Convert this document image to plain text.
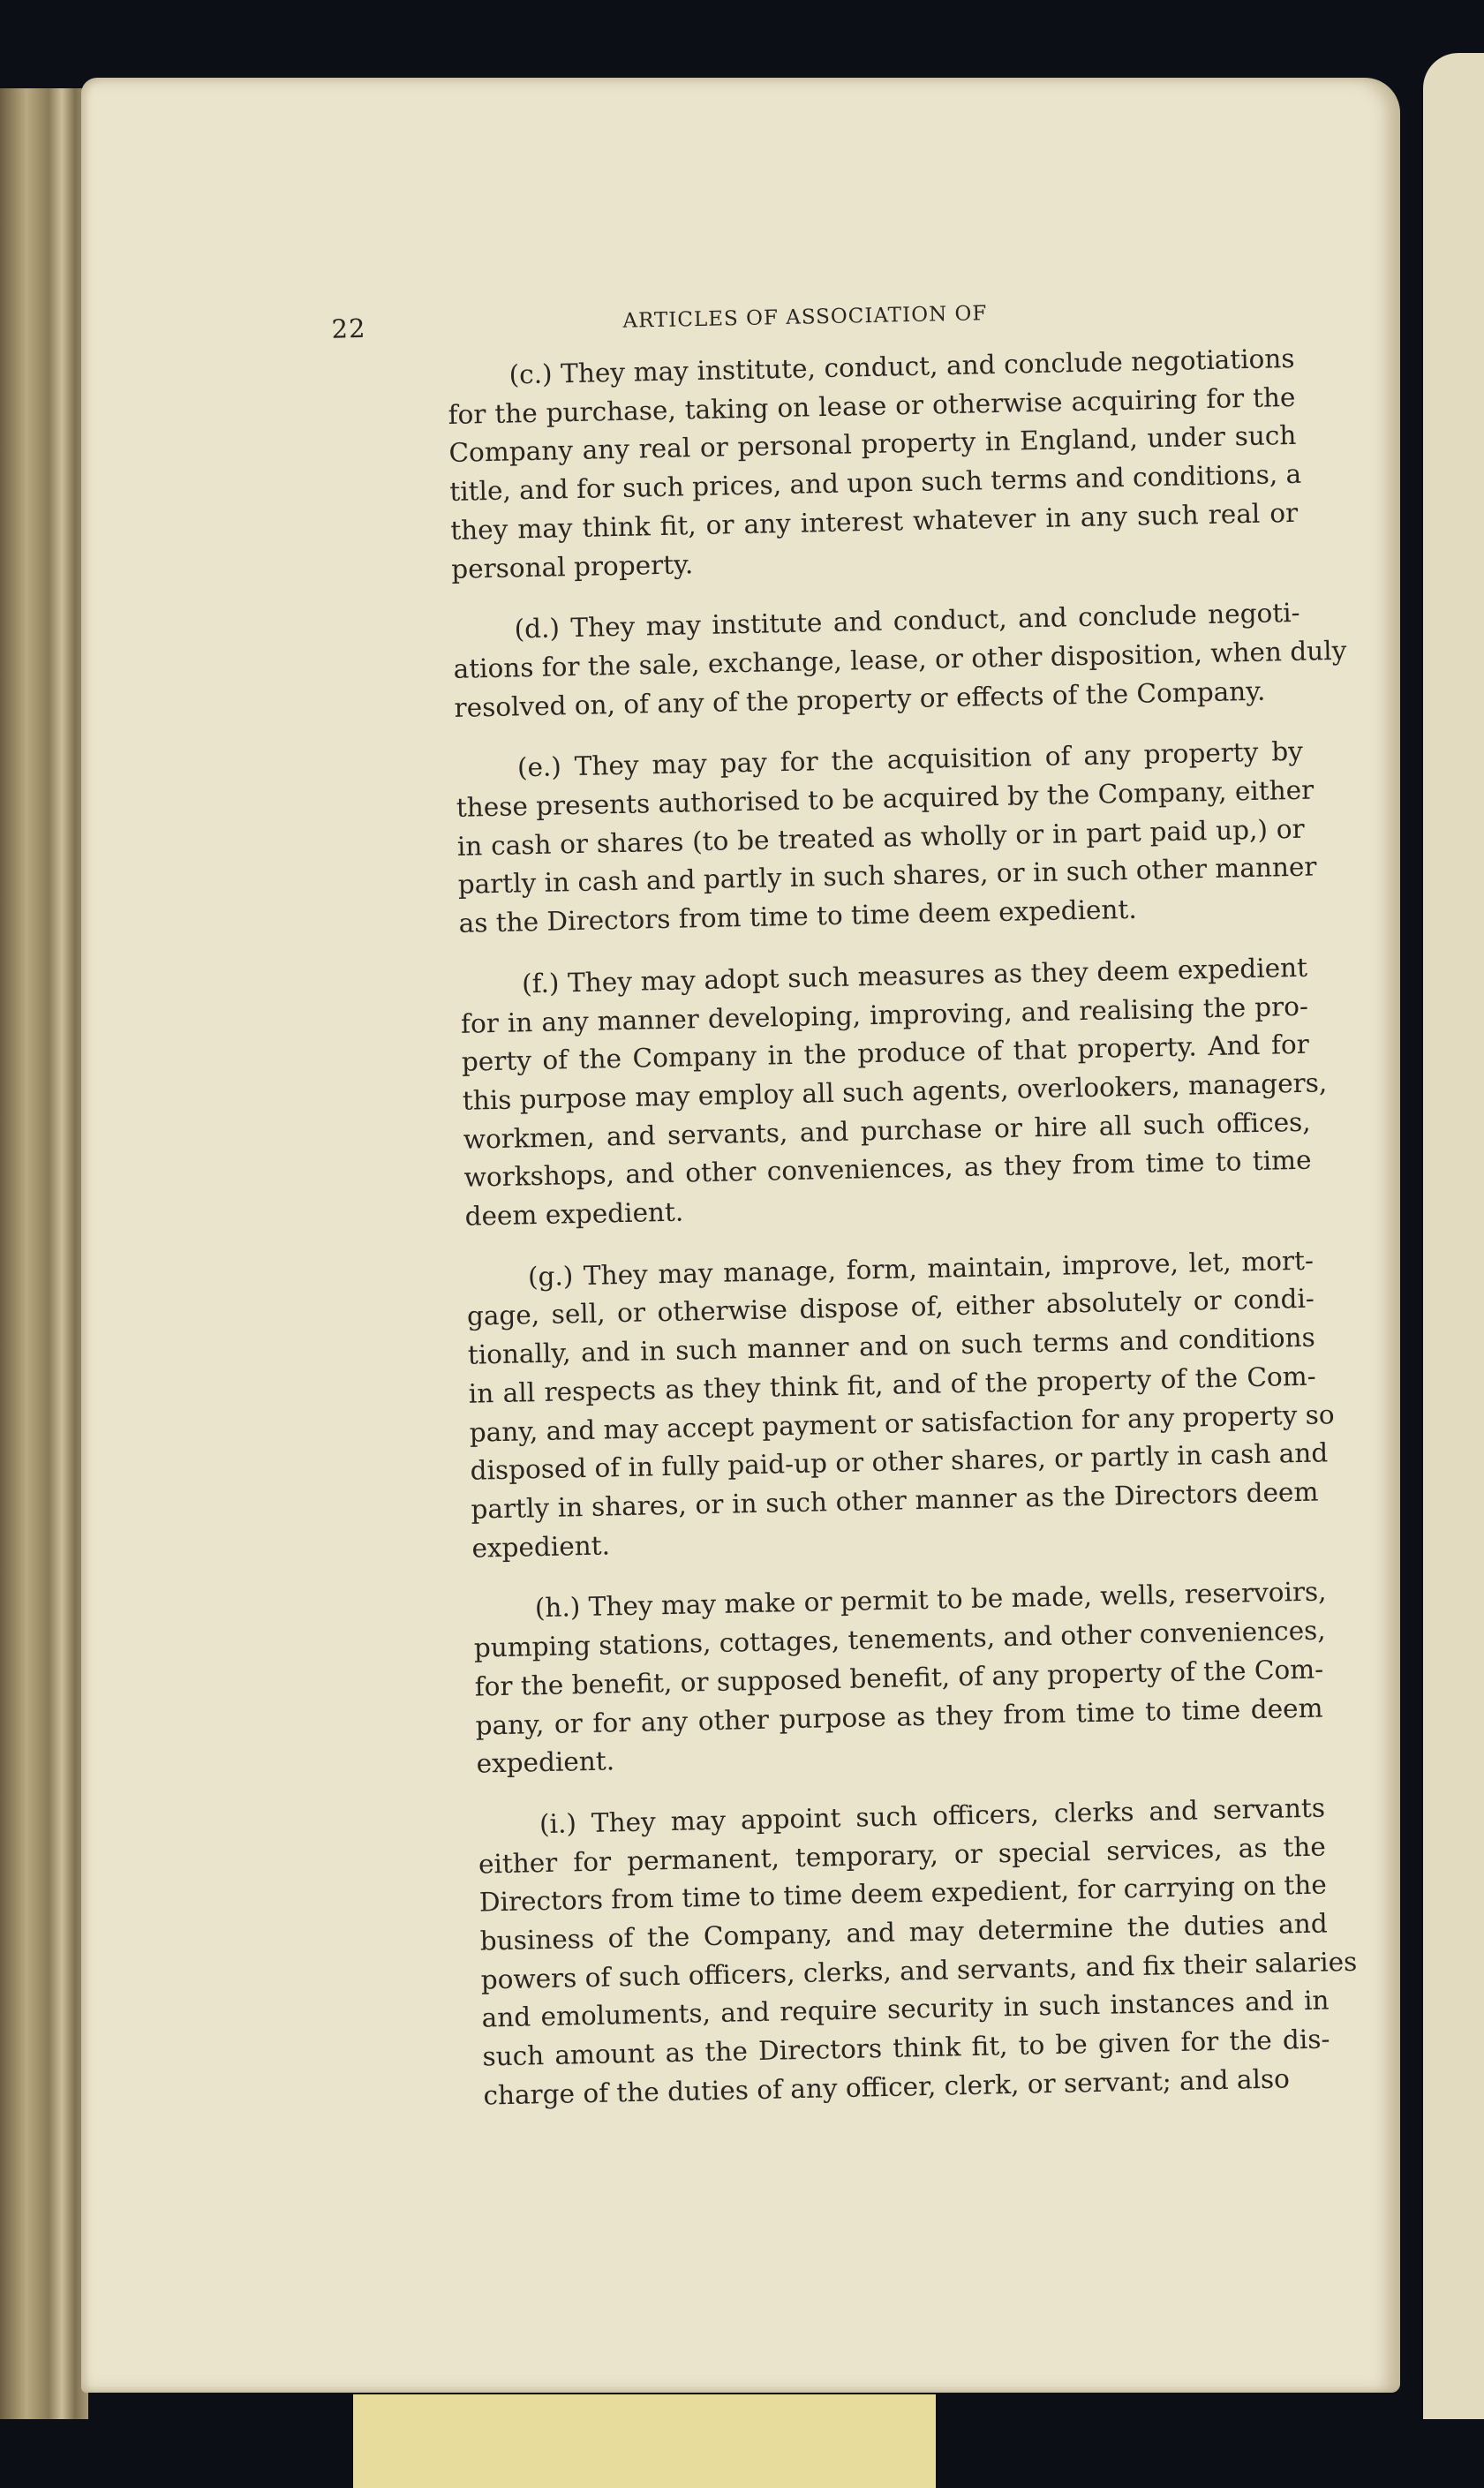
22	ARTICLES OF ASSOCIATION OF
(c.) They may institute, conduct, and conclude negotiations
for the purchase, taking on lease or otherwise acquiring for the
Company any real or personal property in England, under such
title, and for such prices, and upon such terms and conditions, a
they may think fit, or any interest whatever in any such real or
personal property.
(d.) They may institute and conduct, and conclude negoti-
ations for the sale, exchange, lease, or other disposition, when duly
resolved on, of any of the property or effects of the Company.
(e.) They may pay for the acquisition of any property by
these presents authorised to be acquired by the Company, either
in cash or shares (to be treated as wholly or in part paid up,) or
partly in cash and partly in such shares, or in such other manner
as the Directors from time to time deem expedient.
(f.) They may adopt such measures as they deem expedient
for in any manner developing, improving, and realising the pro-
perty of the Company in the produce of that property. And for
this purpose may employ all such agents, overlookers, managers,
workmen, and servants, and purchase or hire all such offices,
workshops, and other conveniences, as they from time to time
deem expedient.
(g.) They may manage, form, maintain, improve, let, mort-
gage, sell, or otherwise dispose of, either absolutely or condi-
tionally, and in such manner and on such terms and conditions
in all respects as they think fit, and of the property of the Com-
pany, and may accept payment or satisfaction for any property so
disposed of in fully paid-up or other shares, or partly in cash and
partly in shares, or in such other manner as the Directors deem
expedient.
(h.) They may make or permit to be made, wells, reservoirs,
pumping stations, cottages, tenements, and other conveniences,
for the benefit, or supposed benefit, of any property of the Com-
pany, or for any other purpose as they from time to time deem
expedient.
(i.) They may appoint such officers, clerks and servants
either for permanent, temporary, or special services, as the
Directors from time to time deem expedient, for carrying on the
business of the Company, and may determine the duties and
powers of such officers, clerks, and servants, and fix their salaries
and emoluments, and require security in such instances and in
such amount as the Directors think fit, to be given for the dis-
charge of the duties of any officer, clerk, or servant; and also
